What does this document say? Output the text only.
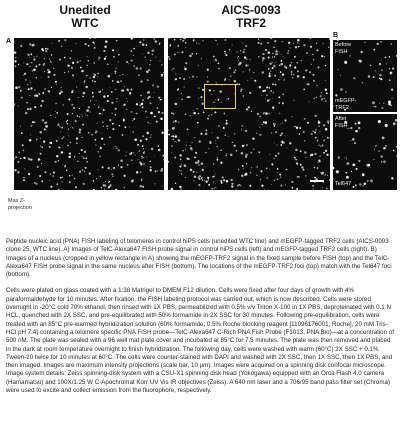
A
Unedited
WTC
AICS-0093
TRF2
Max Z-
projection
B
Before
FISH
mEGFP-
TRF2
After
FISH
Tel647

Peptide nucleic acid (PNA) FISH labeling of telomeres in control hiPS cells (unedited WTC line) and mEGFP-tagged TRF2 cells (AICS-0093 clone 25, WTC line). A) Images of TelC-Alexa647 FISH probe signal in control hiPS cells (left) and mEGFP-tagged TRF2 cells (right). B) Images of a nucleus (cropped in yellow rectangle in A) showing the mEGFP-TRF2 signal in the fixed sample before FISH (top) and the TelC-Alexa647 FISH probe signal in the same nucleus after FISH (bottom). The locations of the mEGFP-TRF2 foci (top) match with the Tel647 foci (bottom).

Cells were plated on glass coated with a 1:38 Matrigel to DMEM F12 dilution. Cells were fixed after four days of growth with 4% paraformaldehyde for 10 minutes. After fixation, the FISH labeling protocol was carried out, which is now described. Cells were stored overnight in -20°C cold 70% ethanol, then rinsed with 1X PBS, permeabilized with 0.5% v/v Triton X-100 in 1X PBS, deproteinated with 0.1 N HCL, quenched with 2X SSC, and pre-equilibrated with 50% formamide in 2X SSC for 30 minutes. Following pre-equilibration, cells were treated with an 85°C pre-warmed hybridization solution (60% formamide, 0.5% Roche blocking reagent [11096176001, Roche], 20 mM Tris-HCl pH 7.4) containing a telomere specific PNA FISH probe—TelC-Alexa647 C-Rich PNA Fish Probe (F1013, PNA Bio)—at a concentration of 500 nM. The plate was sealed with a 96 well mat plate cover and incubated at 85°C for 7.5 minutes. The plate was then removed and placed in the dark at room temperature overnight to finish hybridization. The following day, cells were washed with warm (60°C) 2X SSC + 0.1% Tween-20 twice for 10 minutes at 60°C. The cells were counter-stained with DAPI and washed with 2X SSC, then 1X SSC, then 1X PBS, and then imaged. Images are maximum intensity projections (scale bar, 10 µm). Images were acquired on a spinning disk confocal microscope. Image system details: Zeiss spinning-disk system with a CSU-X1 spinning disk head (Yokogawa) equipped with an Orca Flash 4.0 camera (Hamamatsu) and 100X/1.25 W C-Apochromat Korr UV Vis IR objectives (Zeiss). A 640 nm laser and a 706/95 band pass filter set (Chroma) were used to excite and collect emission from the fluorophore, respectively.
